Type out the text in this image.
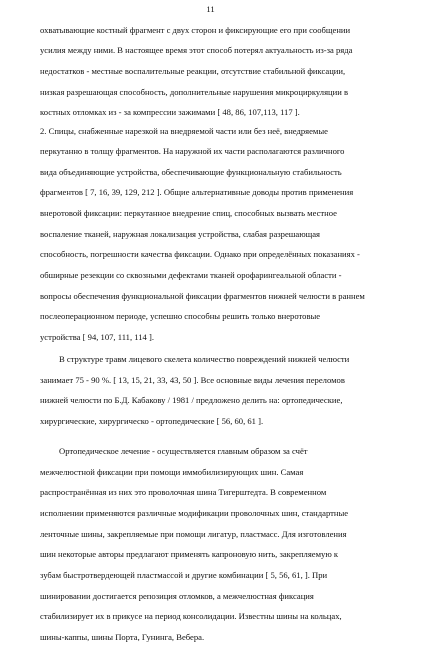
11
охватывающие костный фрагмент с двух сторон и фиксирующие его при сообщении
усилия между ними. В настоящее время этот способ потерял актуальность из-за ряда
недостатков - местные воспалительные реакции, отсутствие стабильной фиксации,
низкая разрешающая способность, дополнительные нарушения микроциркуляции в
костных отломках из - за компрессии зажимами [ 48, 86, 107,113, 117 ].
2. Спицы, снабженные нарезкой на внедряемой части или без неё, внедряемые
перкутанно в толщу фрагментов. На наружной их части располагаются различного
вида объединяющие устройства, обеспечивающие функциональную стабильность
фрагментов [ 7, 16, 39, 129, 212 ]. Общие альтернативные доводы против применения
внеротовой фиксации: перкутанное внедрение спиц, способных вызвать местное
воспаление тканей, наружная локализация устройства, слабая разрешающая
способность, погрешности качества фиксации. Однако при определённых показаниях -
обширные резекции со сквозными дефектами тканей орофарингеальной области -
вопросы обеспечения функциональной фиксации фрагментов нижней челюсти в раннем
послеоперационном периоде, успешно способны решить только внеротовые
устройства [ 94, 107, 111, 114 ].
В структуре травм лицевого скелета количество повреждений нижней челюсти
занимает 75 - 90 %. [ 13, 15, 21, 33, 43, 50 ]. Все основные виды лечения переломов
нижней челюсти по Б.Д. Кабакову / 1981 / предложено делить на: ортопедические,
хирургические, хирургическо - ортопедические [ 56, 60, 61 ].
Ортопедическое лечение - осуществляется главным образом за счёт
межчелюстной фиксации при помощи иммобилизирующих шин. Самая
распространённая из них это проволочная шина Тигерштедта. В современном
исполнении применяются различные модификации проволочных шин, стандартные
ленточные шины, закрепляемые при помощи лигатур, пластмасс. Для изготовления
шин некоторые авторы предлагают применять капроновую нить, закрепляемую к
зубам быстротвердеющей пластмассой и другие комбинации [ 5, 56, 61, ]. При
шинировании достигается репозиция отломков, а межчелюстная фиксация
стабилизирует их в прикусе на период консолидации. Известны шины на кольцах,
шины-каппы, шины Порта, Гунинга, Вебера.
